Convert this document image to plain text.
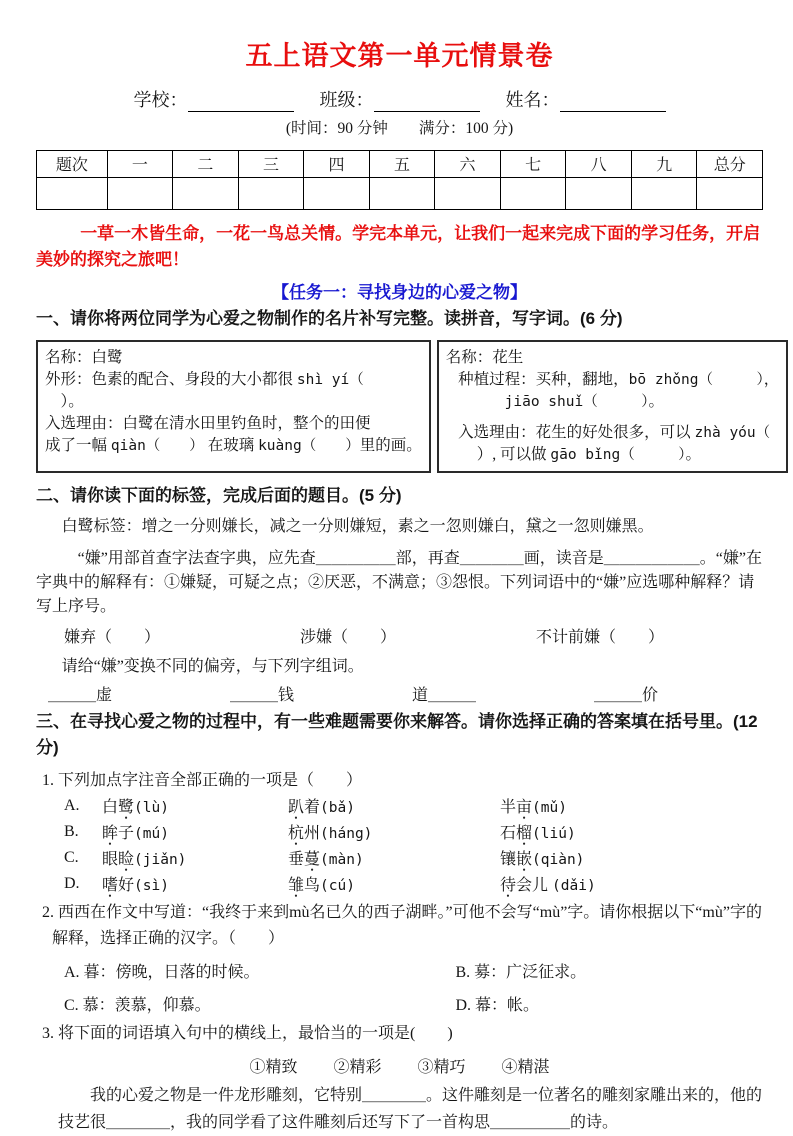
五上语文第一单元情景卷
学校：	班级：	姓名：
(时间：90 分钟　　满分：100 分)
题次	一	二	三	四	五	六	七	八	九	总分

一草一木皆生命，一花一鸟总关情。学完本单元，让我们一起来完成下面的学习任务，开启美妙的探究之旅吧！
【任务一：寻找身边的心爱之物】
一、请你将两位同学为心爱之物制作的名片补写完整。读拼音，写字词。(6 分)
名称：白鹭
外形：色素的配合、身段的大小都很 shì yí（
）。
入选理由：白鹭在清水田里钓鱼时，整个的田便
成了一幅 qiàn（　　） 在玻璃 kuàng（　　）里的画。
名称：花生
种植过程：买种，翻地，bō zhǒng（　　　），
jiāo shuǐ（　　　）。
入选理由：花生的好处很多，可以 zhà yóu（
）, 可以做 gāo bǐng（　　　）。
二、请你读下面的标签，完成后面的题目。(5 分)
白鹭标签：增之一分则嫌长，减之一分则嫌短，素之一忽则嫌白，黛之一忽则嫌黑。
“嫌”用部首查字法查字典，应先查＿＿＿＿＿部，再查＿＿＿＿画，读音是＿＿＿＿＿＿。“嫌”在字典中的解释有：①嫌疑，可疑之点；②厌恶，不满意；③怨恨。下列词语中的“嫌”应选哪种解释？请写上序号。
嫌弃（　　）	涉嫌（　　）	不计前嫌（　　）
请给“嫌”变换不同的偏旁，与下列字组词。
＿＿＿虚	＿＿＿钱	道＿＿＿	＿＿＿价
三、在寻找心爱之物的过程中，有一些难题需要你来解答。请你选择正确的答案填在括号里。(12 分)
1. 下列加点字注音全部正确的一项是（　　）
A.	白鹭(lù)	趴着(bǎ)	半亩(mǔ)
B.	眸子(mú)	杭州(háng)	石榴(liú)
C.	眼睑(jiǎn)	垂蔓(màn)	镶嵌(qiàn)
D.	嗜好(sì)	雏鸟(cú)	待会儿 (dǎi)
2. 西西在作文中写道：“我终于来到mù名已久的西子湖畔。”可他不会写“mù”字。请你根据以下“mù”字的解释，选择正确的汉字。（　　）
A. 暮：傍晚，日落的时候。	B. 募：广泛征求。
C. 慕：羡慕，仰慕。	D. 幕：帐。
3. 将下面的词语填入句中的横线上，最恰当的一项是(　　)
①精致 ②精彩 ③精巧 ④精湛
我的心爱之物是一件龙形雕刻，它特别＿＿＿＿。这件雕刻是一位著名的雕刻家雕出来的，他的技艺很＿＿＿＿，我的同学看了这件雕刻后还写下了一首构思＿＿＿＿＿的诗。
